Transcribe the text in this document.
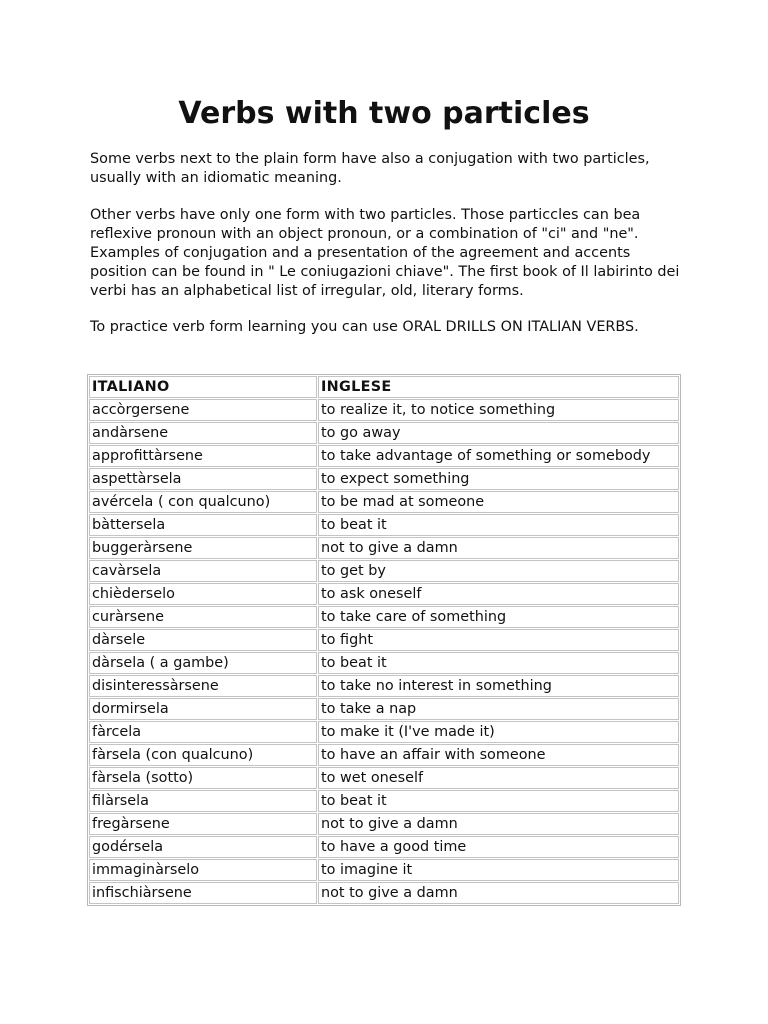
Verbs with two particles

Some verbs next to the plain form have also a conjugation with two particles, usually with an idiomatic meaning.

Other verbs have only one form with two particles. Those particcles can bea reflexive pronoun with an object pronoun, or a combination of "ci" and "ne". Examples of conjugation and a presentation of the agreement and accents position can be found in " Le coniugazioni chiave". The first book of Il labirinto dei verbi has an alphabetical list of irregular, old, literary forms.

To practice verb form learning you can use ORAL DRILLS ON ITALIAN VERBS.

ITALIANO	INGLESE
accòrgersene	to realize it, to notice something
andàrsene	to go away
approfittàrsene	to take advantage of something or somebody
aspettàrsela	to expect something
avércela ( con qualcuno)	to be mad at someone
bàttersela	to beat it
buggeràrsene	not to give a damn
cavàrsela	to get by
chièderselo	to ask oneself
curàrsene	to take care of something
dàrsele	to fight
dàrsela ( a gambe)	to beat it
disinteressàrsene	to take no interest in something
dormirsela	to take a nap
fàrcela	to make it (I've made it)
fàrsela (con qualcuno)	to have an affair with someone
fàrsela (sotto)	to wet oneself
filàrsela	to beat it
fregàrsene	not to give a damn
godérsela	to have a good time
immaginàrselo	to imagine it
infischiàrsene	not to give a damn
